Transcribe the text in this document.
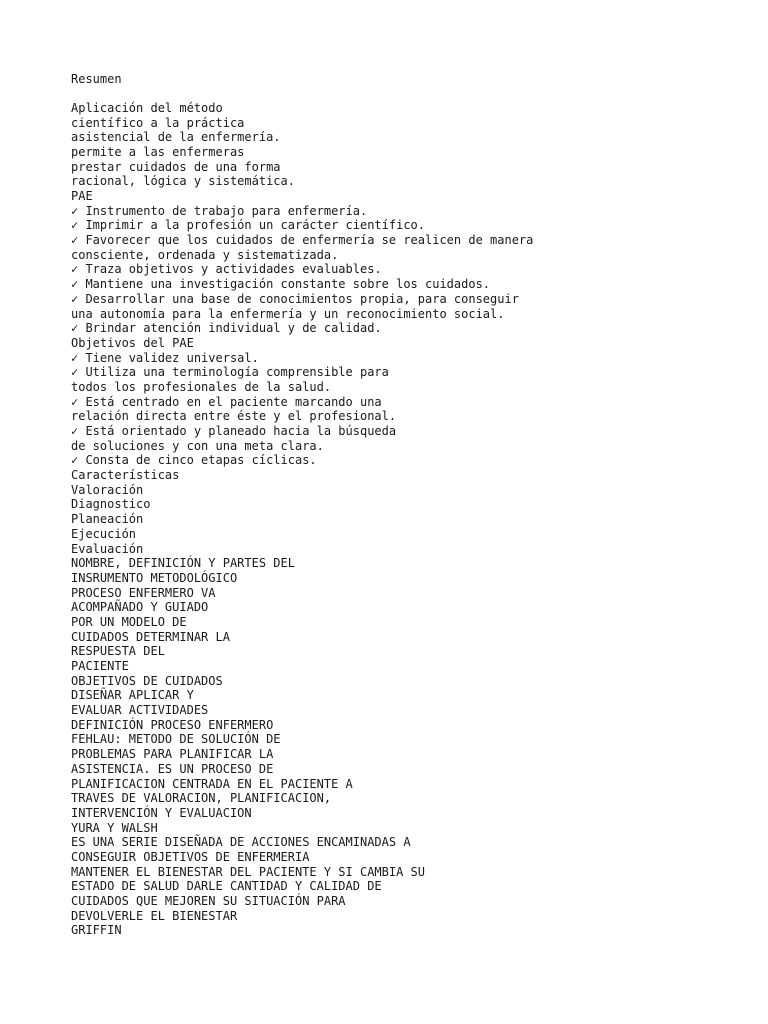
Resumen
Aplicación del método
científico a la práctica
asistencial de la enfermería.
permite a las enfermeras
prestar cuidados de una forma
racional, lógica y sistemática.
PAE
✓ Instrumento de trabajo para enfermería.
✓ Imprimir a la profesión un carácter científico.
✓ Favorecer que los cuidados de enfermería se realicen de manera
consciente, ordenada y sistematizada.
✓ Traza objetivos y actividades evaluables.
✓ Mantiene una investigación constante sobre los cuidados.
✓ Desarrollar una base de conocimientos propia, para conseguir
una autonomía para la enfermería y un reconocimiento social.
✓ Brindar atención individual y de calidad.
Objetivos del PAE
✓ Tiene validez universal.
✓ Utiliza una terminología comprensible para
todos los profesionales de la salud.
✓ Está centrado en el paciente marcando una
relación directa entre éste y el profesional.
✓ Está orientado y planeado hacia la búsqueda
de soluciones y con una meta clara.
✓ Consta de cinco etapas cíclicas.
Características
Valoración
Diagnostico
Planeación
Ejecución
Evaluación
NOMBRE, DEFINICIÓN Y PARTES DEL
INSRUMENTO METODOLÓGICO
PROCESO ENFERMERO VA
ACOMPAÑADO Y GUIADO
POR UN MODELO DE
CUIDADOS DETERMINAR LA
RESPUESTA DEL
PACIENTE
OBJETIVOS DE CUIDADOS
DISEÑAR APLICAR Y
EVALUAR ACTIVIDADES
DEFINICIÓN PROCESO ENFERMERO
FEHLAU: METODO DE SOLUCIÓN DE
PROBLEMAS PARA PLANIFICAR LA
ASISTENCIA. ES UN PROCESO DE
PLANIFICACION CENTRADA EN EL PACIENTE A
TRAVES DE VALORACION, PLANIFICACION,
INTERVENCIÓN Y EVALUACION
YURA Y WALSH
ES UNA SERIE DISEÑADA DE ACCIONES ENCAMINADAS A
CONSEGUIR OBJETIVOS DE ENFERMERIA
MANTENER EL BIENESTAR DEL PACIENTE Y SI CAMBIA SU
ESTADO DE SALUD DARLE CANTIDAD Y CALIDAD DE
CUIDADOS QUE MEJOREN SU SITUACIÓN PARA
DEVOLVERLE EL BIENESTAR
GRIFFIN
